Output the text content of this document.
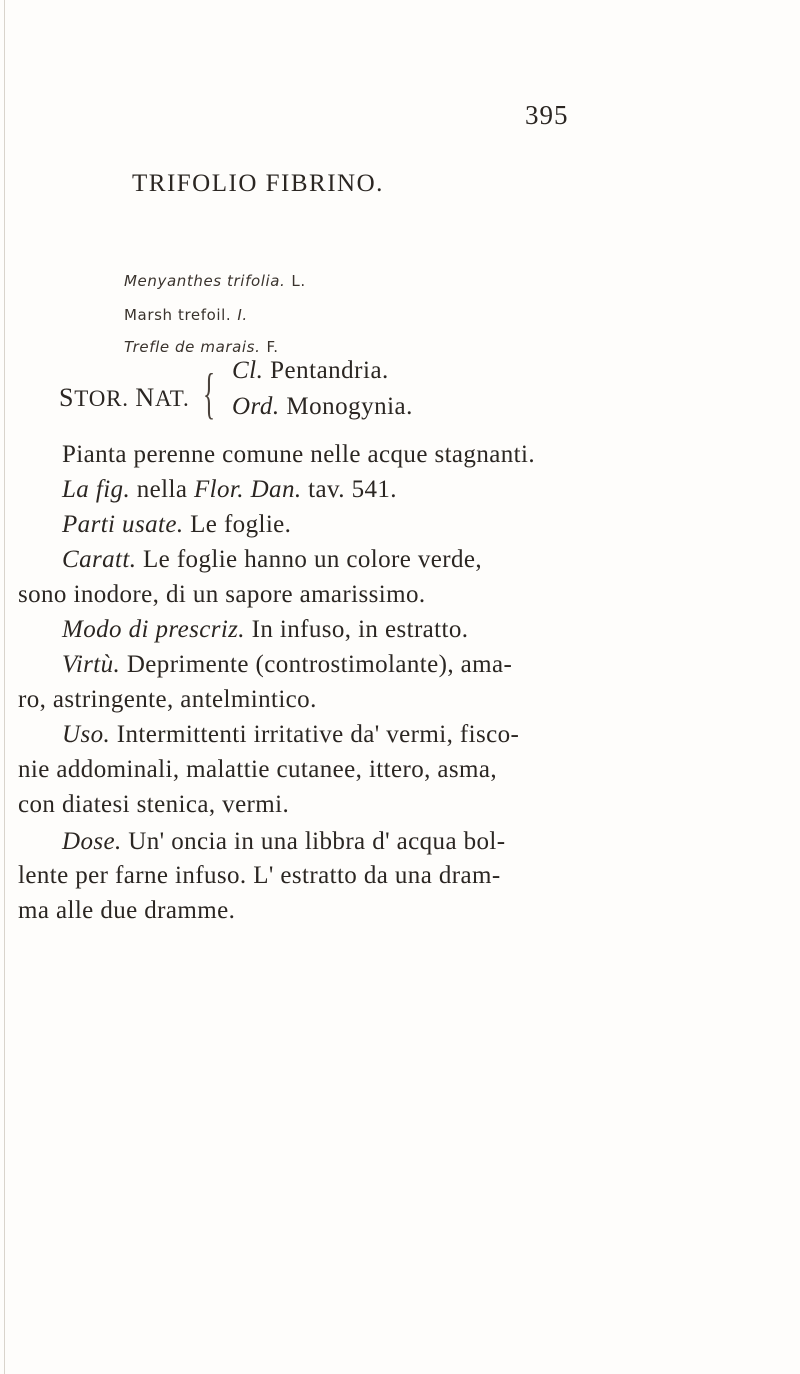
395
TRIFOLIO FIBRINO.
Menyanthes trifolia. L.
Marsh trefoil. I.
Trefle de marais. F.
STOR. NAT. { Cl. Pentandria.
Ord. Monogynia.
Pianta perenne comune nelle acque stagnanti.
La fig. nella Flor. Dan. tav. 541.
Parti usate. Le foglie.
Caratt. Le foglie hanno un colore verde,
sono inodore, di un sapore amarissimo.
Modo di prescriz. In infuso, in estratto.
Virtù. Deprimente (controstimolante), ama-
ro, astringente, antelmintico.
Uso. Intermittenti irritative da' vermi, fisco-
nie addominali, malattie cutanee, ittero, asma,
con diatesi stenica, vermi.
Dose. Un' oncia in una libbra d' acqua bol-
lente per farne infuso. L' estratto da una dram-
ma alle due dramme.
